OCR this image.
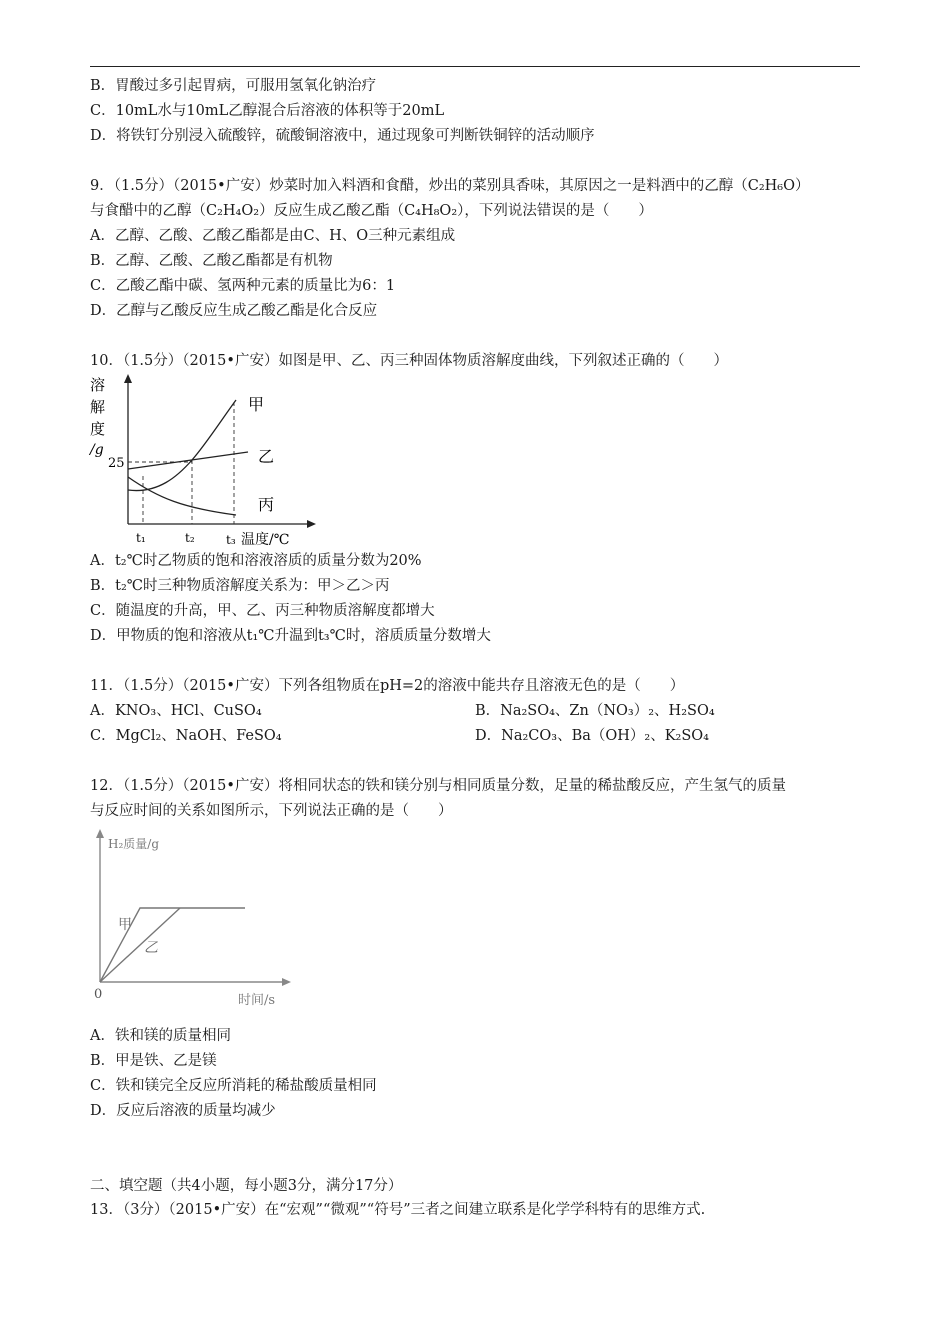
B．胃酸过多引起胃病，可服用氢氧化钠治疗
C．10mL水与10mL乙醇混合后溶液的体积等于20mL
D．将铁钉分别浸入硫酸锌，硫酸铜溶液中，通过现象可判断铁铜锌的活动顺序
9．（1.5分）（2015•广安）炒菜时加入料酒和食醋，炒出的菜别具香味，其原因之一是料酒中的乙醇（C₂H₆O）
与食醋中的乙醇（C₂H₄O₂）反应生成乙酸乙酯（C₄H₈O₂），下列说法错误的是（　　）
A．乙醇、乙酸、乙酸乙酯都是由C、H、O三种元素组成
B．乙醇、乙酸、乙酸乙酯都是有机物
C．乙酸乙酯中碳、氢两种元素的质量比为6：1
D．乙醇与乙酸反应生成乙酸乙酯是化合反应
10．（1.5分）（2015•广安）如图是甲、乙、丙三种固体物质溶解度曲线，下列叙述正确的（　　）
溶
解
度
/g
25
甲
乙
丙
t₁	t₂	t₃ 温度/℃
A．t₂℃时乙物质的饱和溶液溶质的质量分数为20%
B．t₂℃时三种物质溶解度关系为：甲＞乙＞丙
C．随温度的升高，甲、乙、丙三种物质溶解度都增大
D．甲物质的饱和溶液从t₁℃升温到t₃℃时，溶质质量分数增大
11．（1.5分）（2015•广安）下列各组物质在pH=2的溶液中能共存且溶液无色的是（　　）
A．KNO₃、HCl、CuSO₄	B．Na₂SO₄、Zn（NO₃）₂、H₂SO₄
C．MgCl₂、NaOH、FeSO₄	D．Na₂CO₃、Ba（OH）₂、K₂SO₄
12．（1.5分）（2015•广安）将相同状态的铁和镁分别与相同质量分数，足量的稀盐酸反应，产生氢气的质量
与反应时间的关系如图所示，下列说法正确的是（　　）
H₂质量/g
0	时间/s
甲
乙
A．铁和镁的质量相同
B．甲是铁、乙是镁
C．铁和镁完全反应所消耗的稀盐酸质量相同
D．反应后溶液的质量均减少
二、填空题（共4小题，每小题3分，满分17分）
13．（3分）（2015•广安）在“宏观”“微观”“符号”三者之间建立联系是化学学科特有的思维方式.
